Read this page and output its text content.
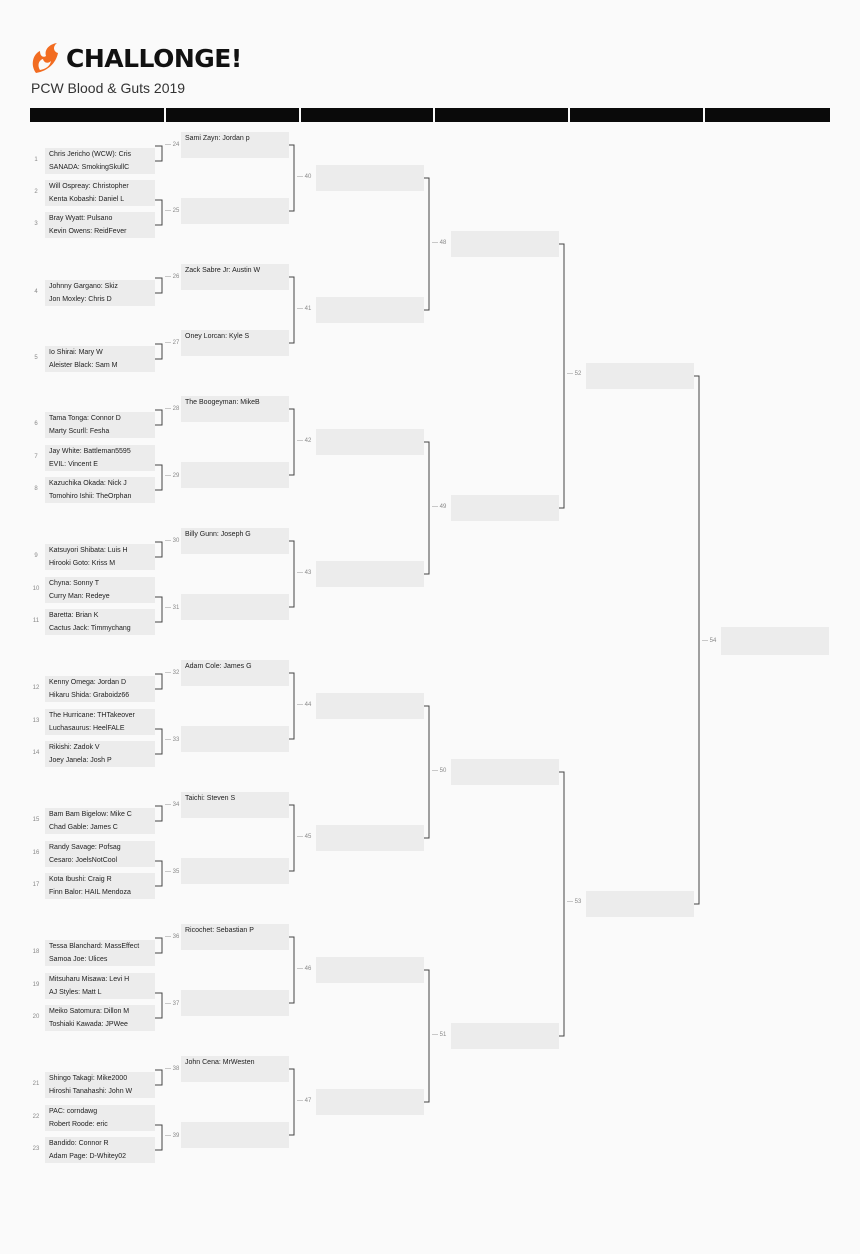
CHALLONGE!
PCW Blood & Guts 2019
Chris Jericho (WCW): Cris
SANADA: SmokingSkullC
1
— 24
Will Ospreay: Christopher
Kenta Kobashi: Daniel L
Bray Wyatt: Pulsano
Kevin Owens: ReidFever
2
3
— 25
Johnny Gargano: Skiz
Jon Moxley: Chris D
4
— 26
Io Shirai: Mary W
Aleister Black: Sam M
5
— 27
Tama Tonga: Connor D
Marty Scurll: Fesha
6
— 28
Jay White: Battleman5595
EVIL: Vincent E
Kazuchika Okada: Nick J
Tomohiro Ishii: TheOrphan
7
8
— 29
Katsuyori Shibata: Luis H
Hirooki Goto: Kriss M
9
— 30
Chyna: Sonny T
Curry Man: Redeye
Baretta: Brian K
Cactus Jack: Timmychang
10
11
— 31
Kenny Omega: Jordan D
Hikaru Shida: Graboidz66
12
— 32
The Hurricane: THTakeover
Luchasaurus: HeelFALE
Rikishi: Zadok V
Joey Janela: Josh P
13
14
— 33
Bam Bam Bigelow: Mike C
Chad Gable: James C
15
— 34
Randy Savage: Pofsag
Cesaro: JoelsNotCool
Kota Ibushi: Craig R
Finn Balor: HAIL Mendoza
16
17
— 35
Tessa Blanchard: MassEffect
Samoa Joe: Ulices
18
— 36
Mitsuharu Misawa: Levi H
AJ Styles: Matt L
Meiko Satomura: Dillon M
Toshiaki Kawada: JPWee
19
20
— 37
Shingo Takagi: Mike2000
Hiroshi Tanahashi: John W
21
— 38
PAC: corndawg
Robert Roode: eric
Bandido: Connor R
Adam Page: D-Whitey02
22
23
— 39
Sami Zayn: Jordan p
— 40
Zack Sabre Jr: Austin W
Oney Lorcan: Kyle S
— 41
The Boogeyman: MikeB
— 42
Billy Gunn: Joseph G
— 43
Adam Cole: James G
— 44
Taichi: Steven S
— 45
Ricochet: Sebastian P
— 46
John Cena: MrWesten
— 47
— 48
— 49
— 50
— 51
— 52
— 53
— 54
